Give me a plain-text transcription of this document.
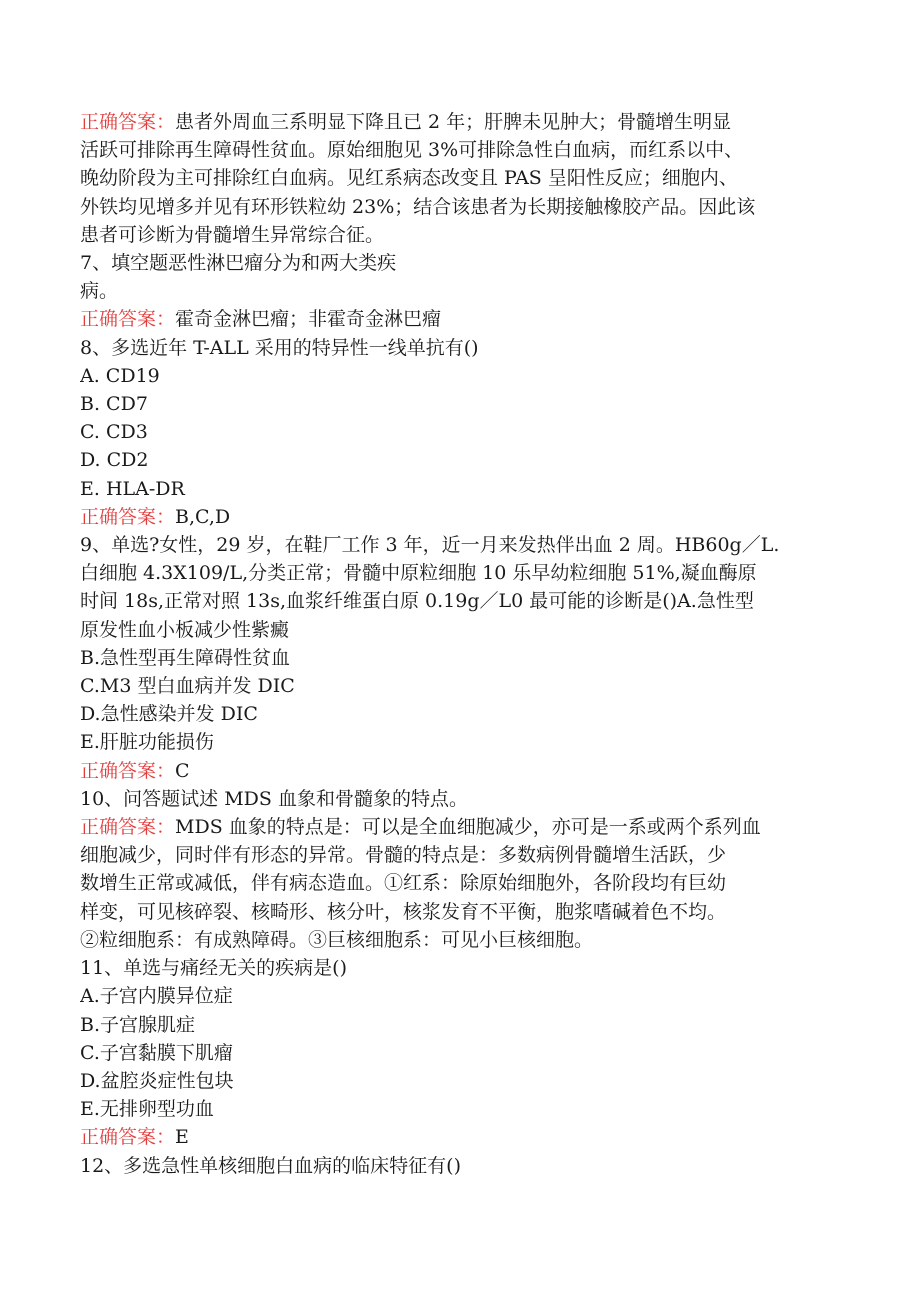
正确答案：患者外周血三系明显下降且已 2 年；肝脾未见肿大；骨髓增生明显
活跃可排除再生障碍性贫血。原始细胞见 3%可排除急性白血病，而红系以中、
晚幼阶段为主可排除红白血病。见红系病态改变且 PAS 呈阳性反应；细胞内、
外铁均见增多并见有环形铁粒幼 23%；结合该患者为长期接触橡胶产品。因此该
患者可诊断为骨髓增生异常综合征。
7、填空题恶性淋巴瘤分为和两大类疾
病。
正确答案：霍奇金淋巴瘤；非霍奇金淋巴瘤
8、多选近年 T-ALL 采用的特异性一线单抗有()
A. CD19
B. CD7
C. CD3
D. CD2
E. HLA-DR
正确答案：B,C,D
9、单选?女性，29 岁，在鞋厂工作 3 年，近一月来发热伴出血 2 周。HB60g／L.
白细胞 4.3X109/L,分类正常；骨髓中原粒细胞 10 乐早幼粒细胞 51%,凝血酶原
时间 18s,正常对照 13s,血浆纤维蛋白原 0.19g／L0 最可能的诊断是()A.急性型
原发性血小板减少性紫癜
B.急性型再生障碍性贫血
C.M3 型白血病并发 DIC
D.急性感染并发 DIC
E.肝脏功能损伤
正确答案：C
10、问答题试述 MDS 血象和骨髓象的特点。
正确答案：MDS 血象的特点是：可以是全血细胞减少，亦可是一系或两个系列血
细胞减少，同时伴有形态的异常。骨髓的特点是：多数病例骨髓增生活跃，少
数增生正常或减低，伴有病态造血。①红系：除原始细胞外，各阶段均有巨幼
样变，可见核碎裂、核畸形、核分叶，核浆发育不平衡，胞浆嗜碱着色不均。
②粒细胞系：有成熟障碍。③巨核细胞系：可见小巨核细胞。
11、单选与痛经无关的疾病是()
A.子宫内膜异位症
B.子宫腺肌症
C.子宫黏膜下肌瘤
D.盆腔炎症性包块
E.无排卵型功血
正确答案：E
12、多选急性单核细胞白血病的临床特征有()
